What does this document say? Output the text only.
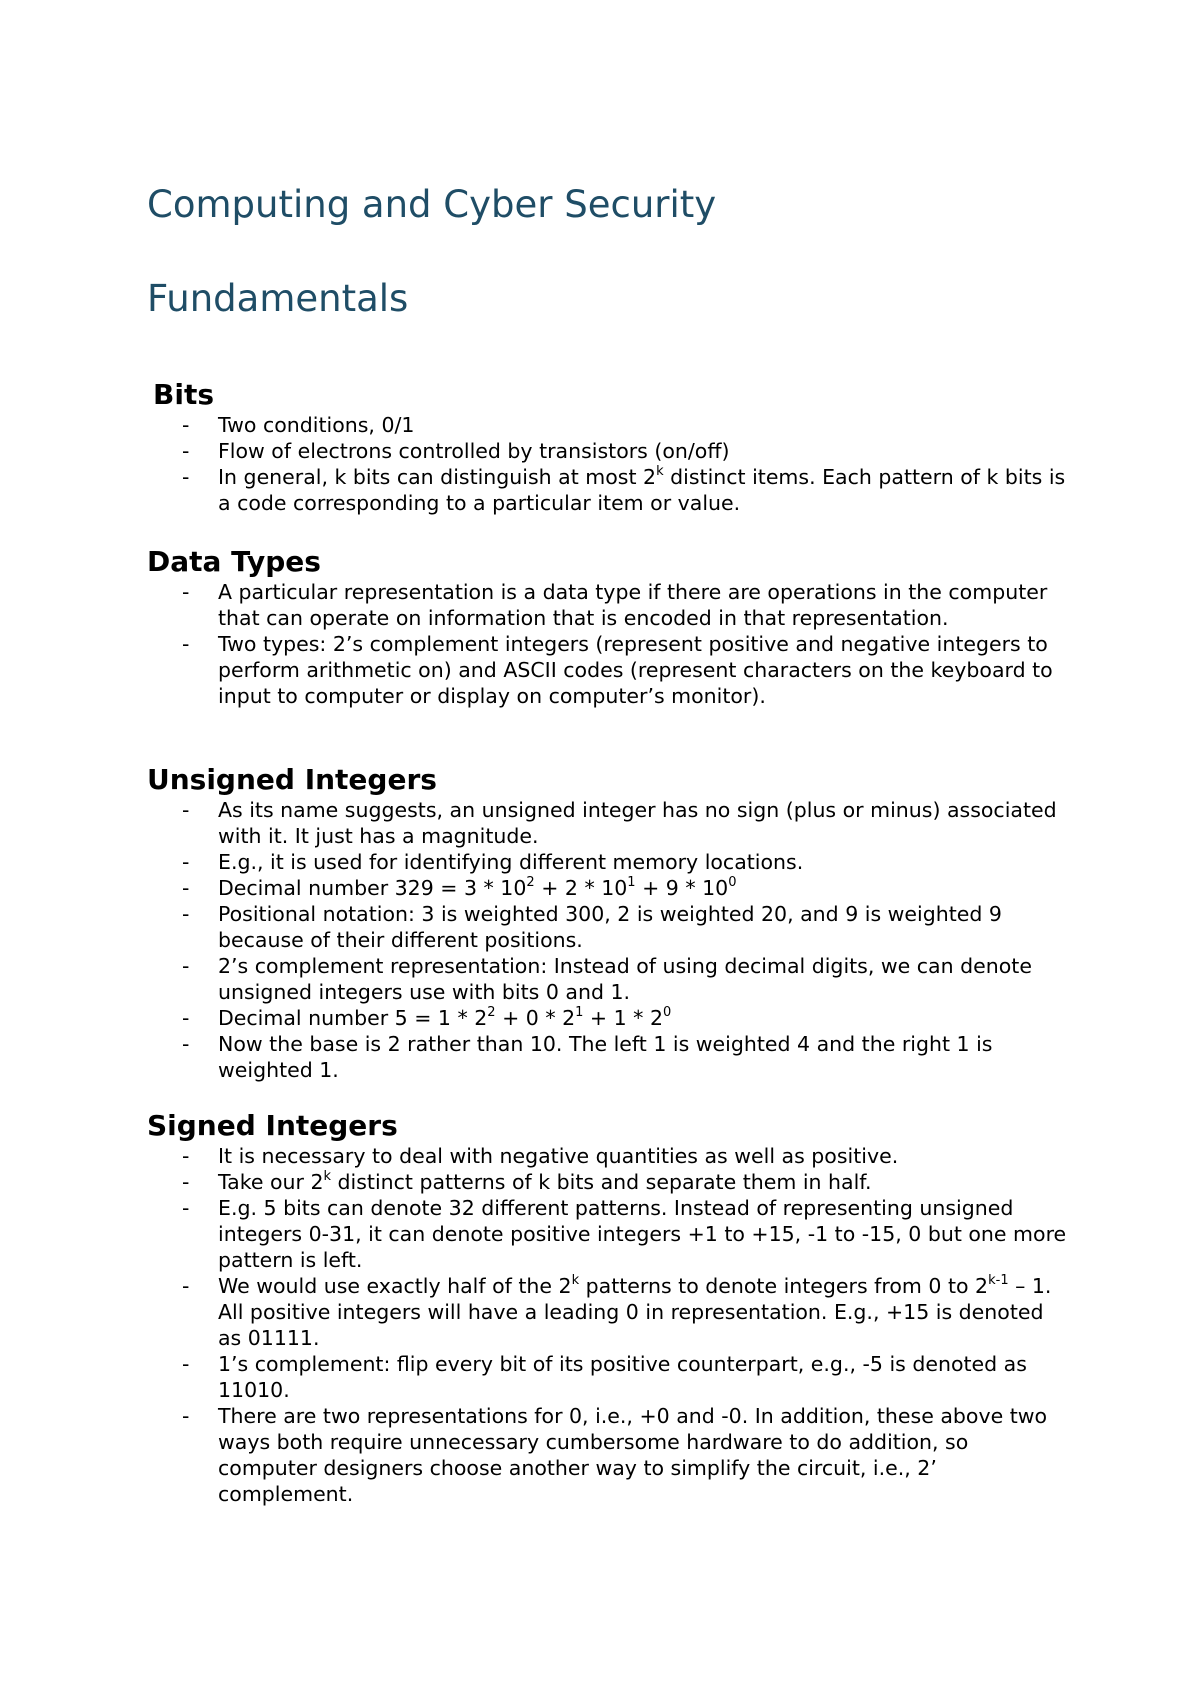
Computing and Cyber Security
Fundamentals
Bits
- Two conditions, 0/1
- Flow of electrons controlled by transistors (on/off)
- In general, k bits can distinguish at most 2$^k$ distinct items. Each pattern of k bits is a code corresponding to a particular item or value.
Data Types
- A particular representation is a data type if there are operations in the computer that can operate on information that is encoded in that representation.
- Two types: 2’s complement integers (represent positive and negative integers to perform arithmetic on) and ASCII codes (represent characters on the keyboard to input to computer or display on computer’s monitor).
Unsigned Integers
- As its name suggests, an unsigned integer has no sign (plus or minus) associated with it. It just has a magnitude.
- E.g., it is used for identifying different memory locations.
- Decimal number $329 = 3 * 10^2 + 2 * 10^1 + 9 * 10^0$
- Positional notation: 3 is weighted 300, 2 is weighted 20, and 9 is weighted 9 because of their different positions.
- 2’s complement representation: Instead of using decimal digits, we can denote unsigned integers use with bits 0 and 1.
- Decimal number $5 = 1 * 2^2 + 0 * 2^1 + 1 * 2^0$
- Now the base is 2 rather than 10. The left 1 is weighted 4 and the right 1 is weighted 1.
Signed Integers
- It is necessary to deal with negative quantities as well as positive.
- Take our 2$^k$ distinct patterns of k bits and separate them in half.
- E.g. 5 bits can denote 32 different patterns. Instead of representing unsigned integers 0-31, it can denote positive integers +1 to +15, -1 to -15, 0 but one more pattern is left.
- We would use exactly half of the 2$^k$ patterns to denote integers from 0 to 2$^{k-1}$ – 1. All positive integers will have a leading 0 in representation. E.g., +15 is denoted as 01111.
- 1’s complement: flip every bit of its positive counterpart, e.g., -5 is denoted as 11010.
- There are two representations for 0, i.e., +0 and -0. In addition, these above two ways both require unnecessary cumbersome hardware to do addition, so computer designers choose another way to simplify the circuit, i.e., 2’ complement.
